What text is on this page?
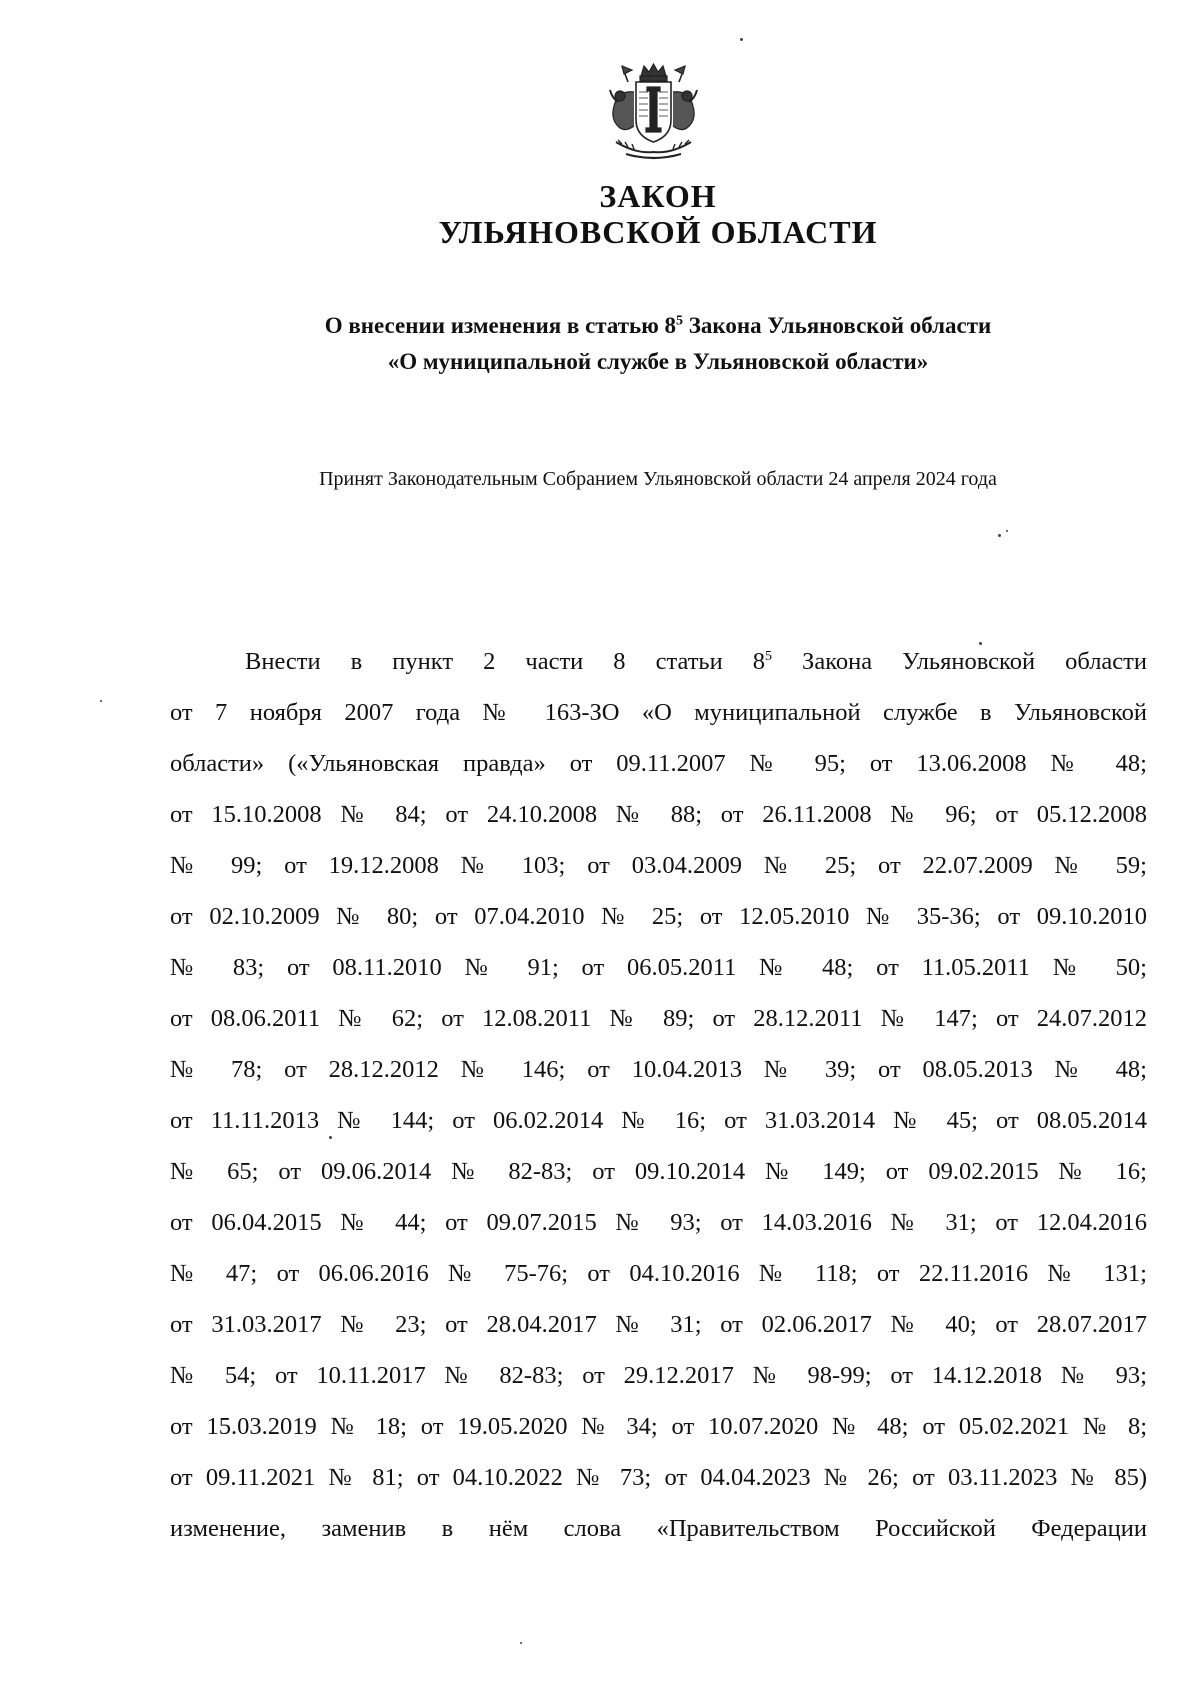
ЗАКОН
УЛЬЯНОВСКОЙ ОБЛАСТИ
О внесении изменения в статью $8^5$ Закона Ульяновской области
«О муниципальной службе в Ульяновской области»
Принят Законодательным Собранием Ульяновской области 24 апреля 2024 года
Внести в пункт 2 части 8 статьи $8^5$ Закона Ульяновской области
от 7 ноября 2007 года № 163-ЗО «О муниципальной службе в Ульяновской
области» («Ульяновская правда» от 09.11.2007 № 95; от 13.06.2008 № 48;
от 15.10.2008 № 84; от 24.10.2008 № 88; от 26.11.2008 № 96; от 05.12.2008
№ 99; от 19.12.2008 № 103; от 03.04.2009 № 25; от 22.07.2009 № 59;
от 02.10.2009 № 80; от 07.04.2010 № 25; от 12.05.2010 № 35-36; от 09.10.2010
№ 83; от 08.11.2010 № 91; от 06.05.2011 № 48; от 11.05.2011 № 50;
от 08.06.2011 № 62; от 12.08.2011 № 89; от 28.12.2011 № 147; от 24.07.2012
№ 78; от 28.12.2012 № 146; от 10.04.2013 № 39; от 08.05.2013 № 48;
от 11.11.2013 № 144; от 06.02.2014 № 16; от 31.03.2014 № 45; от 08.05.2014
№ 65; от 09.06.2014 № 82-83; от 09.10.2014 № 149; от 09.02.2015 № 16;
от 06.04.2015 № 44; от 09.07.2015 № 93; от 14.03.2016 № 31; от 12.04.2016
№ 47; от 06.06.2016 № 75-76; от 04.10.2016 № 118; от 22.11.2016 № 131;
от 31.03.2017 № 23; от 28.04.2017 № 31; от 02.06.2017 № 40; от 28.07.2017
№ 54; от 10.11.2017 № 82-83; от 29.12.2017 № 98-99; от 14.12.2018 № 93;
от 15.03.2019 № 18; от 19.05.2020 № 34; от 10.07.2020 № 48; от 05.02.2021 № 8;
от 09.11.2021 № 81; от 04.10.2022 № 73; от 04.04.2023 № 26; от 03.11.2023 № 85)
изменение, заменив в нём слова «Правительством Российской Федерации
